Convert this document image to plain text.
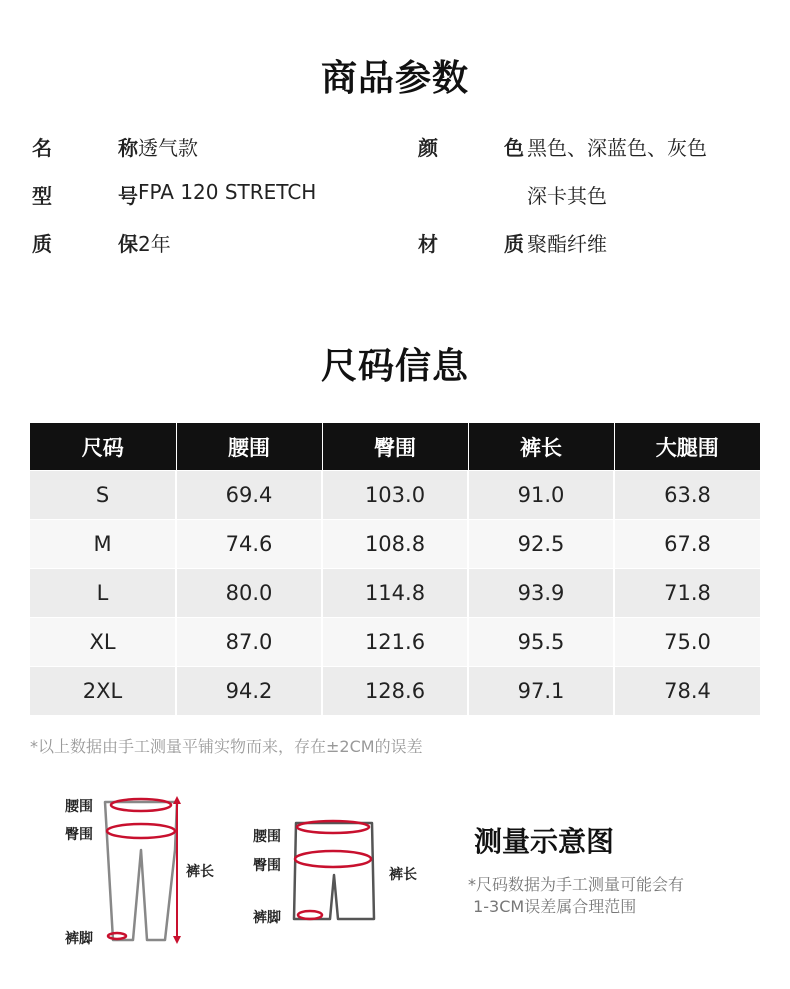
商品参数
名	称 透气款
型	号 FPA 120 STRETCH
质	保 2年
颜	色 黑色、深蓝色、灰色
深卡其色
材	质 聚酯纤维
尺码信息
尺码	腰围	臀围	裤长	大腿围
S	69.4	103.0	91.0	63.8
M	74.6	108.8	92.5	67.8
L	80.0	114.8	93.9	71.8
XL	87.0	121.6	95.5	75.0
2XL	94.2	128.6	97.1	78.4
*以上数据由手工测量平铺实物而来，存在±2CM的误差
腰围
臀围
裤长
裤脚
腰围
臀围
裤长
裤脚
测量示意图
*尺码数据为手工测量可能会有
1-3CM误差属合理范围
